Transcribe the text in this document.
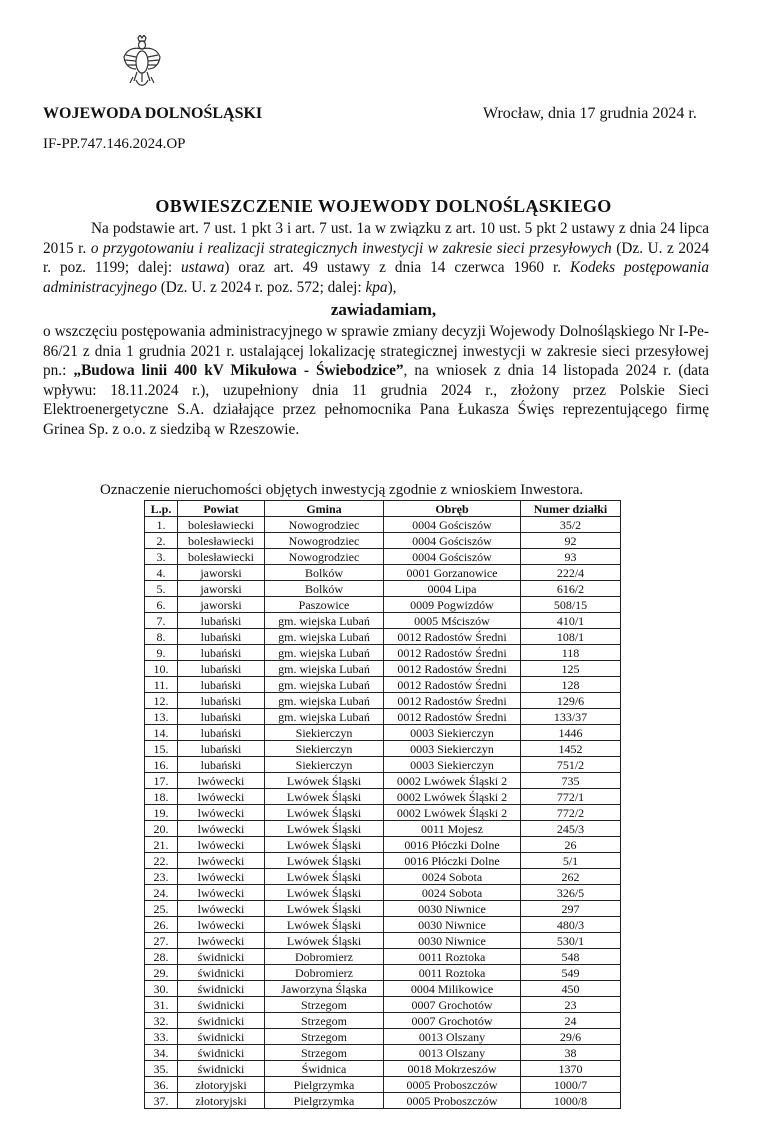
WOJEWODA DOLNOŚLĄSKI	Wrocław, dnia 17 grudnia 2024 r.
IF-PP.747.146.2024.OP
OBWIESZCZENIE WOJEWODY DOLNOŚLĄSKIEGO

Na podstawie art. 7 ust. 1 pkt 3 i art. 7 ust. 1a w związku z art. 10 ust. 5 pkt 2 ustawy z dnia 24 lipca 2015 r. o przygotowaniu i realizacji strategicznych inwestycji w zakresie sieci przesyłowych (Dz. U. z 2024 r. poz. 1199; dalej: ustawa) oraz art. 49 ustawy z dnia 14 czerwca 1960 r. Kodeks postępowania administracyjnego (Dz. U. z 2024 r. poz. 572; dalej: kpa),

zawiadamiam,

o wszczęciu postępowania administracyjnego w sprawie zmiany decyzji Wojewody Dolnośląskiego Nr I-Pe-86/21 z dnia 1 grudnia 2021 r. ustalającej lokalizację strategicznej inwestycji w zakresie sieci przesyłowej pn.: „Budowa linii 400 kV Mikułowa - Świebodzice”, na wniosek z dnia 14 listopada 2024 r. (data wpływu: 18.11.2024 r.), uzupełniony dnia 11 grudnia 2024 r., złożony przez Polskie Sieci Elektroenergetyczne S.A. działające przez pełnomocnika Pana Łukasza Święs reprezentującego firmę Grinea Sp. z o.o. z siedzibą w Rzeszowie.

Oznaczenie nieruchomości objętych inwestycją zgodnie z wnioskiem Inwestora.
L.p.	Powiat	Gmina	Obręb	Numer działki
1.	bolesławiecki	Nowogrodziec	0004 Gościszów	35/2
2.	bolesławiecki	Nowogrodziec	0004 Gościszów	92
3.	bolesławiecki	Nowogrodziec	0004 Gościszów	93
4.	jaworski	Bolków	0001 Gorzanowice	222/4
5.	jaworski	Bolków	0004 Lipa	616/2
6.	jaworski	Paszowice	0009 Pogwizdów	508/15
7.	lubański	gm. wiejska Lubań	0005 Mściszów	410/1
8.	lubański	gm. wiejska Lubań	0012 Radostów Średni	108/1
9.	lubański	gm. wiejska Lubań	0012 Radostów Średni	118
10.	lubański	gm. wiejska Lubań	0012 Radostów Średni	125
11.	lubański	gm. wiejska Lubań	0012 Radostów Średni	128
12.	lubański	gm. wiejska Lubań	0012 Radostów Średni	129/6
13.	lubański	gm. wiejska Lubań	0012 Radostów Średni	133/37
14.	lubański	Siekierczyn	0003 Siekierczyn	1446
15.	lubański	Siekierczyn	0003 Siekierczyn	1452
16.	lubański	Siekierczyn	0003 Siekierczyn	751/2
17.	lwówecki	Lwówek Śląski	0002 Lwówek Śląski 2	735
18.	lwówecki	Lwówek Śląski	0002 Lwówek Śląski 2	772/1
19.	lwówecki	Lwówek Śląski	0002 Lwówek Śląski 2	772/2
20.	lwówecki	Lwówek Śląski	0011 Mojesz	245/3
21.	lwówecki	Lwówek Śląski	0016 Płóczki Dolne	26
22.	lwówecki	Lwówek Śląski	0016 Płóczki Dolne	5/1
23.	lwówecki	Lwówek Śląski	0024 Sobota	262
24.	lwówecki	Lwówek Śląski	0024 Sobota	326/5
25.	lwówecki	Lwówek Śląski	0030 Niwnice	297
26.	lwówecki	Lwówek Śląski	0030 Niwnice	480/3
27.	lwówecki	Lwówek Śląski	0030 Niwnice	530/1
28.	świdnicki	Dobromierz	0011 Roztoka	548
29.	świdnicki	Dobromierz	0011 Roztoka	549
30.	świdnicki	Jaworzyna Śląska	0004 Milikowice	450
31.	świdnicki	Strzegom	0007 Grochotów	23
32.	świdnicki	Strzegom	0007 Grochotów	24
33.	świdnicki	Strzegom	0013 Olszany	29/6
34.	świdnicki	Strzegom	0013 Olszany	38
35.	świdnicki	Świdnica	0018 Mokrzeszów	1370
36.	złotoryjski	Pielgrzymka	0005 Proboszczów	1000/7
37.	złotoryjski	Pielgrzymka	0005 Proboszczów	1000/8
